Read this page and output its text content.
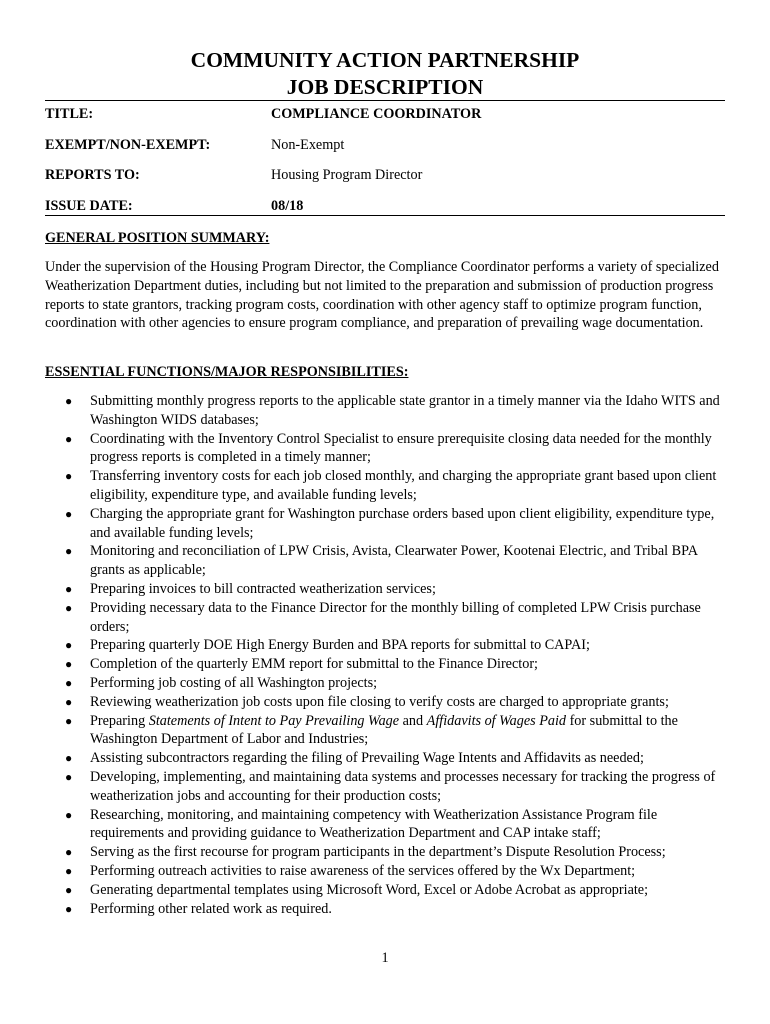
COMMUNITY ACTION PARTNERSHIP
JOB DESCRIPTION
TITLE:	COMPLIANCE COORDINATOR
EXEMPT/NON-EXEMPT:	Non-Exempt
REPORTS TO:	Housing Program Director
ISSUE DATE:	08/18
GENERAL POSITION SUMMARY:
Under the supervision of the Housing Program Director, the Compliance Coordinator performs a variety of specialized Weatherization Department duties, including but not limited to the preparation and submission of production progress reports to state grantors, tracking program costs, coordination with other agency staff to optimize program function, coordination with other agencies to ensure program compliance, and preparation of prevailing wage documentation.
ESSENTIAL FUNCTIONS/MAJOR RESPONSIBILITIES:
● Submitting monthly progress reports to the applicable state grantor in a timely manner via the Idaho WITS and Washington WIDS databases;
● Coordinating with the Inventory Control Specialist to ensure prerequisite closing data needed for the monthly progress reports is completed in a timely manner;
● Transferring inventory costs for each job closed monthly, and charging the appropriate grant based upon client eligibility, expenditure type, and available funding levels;
● Charging the appropriate grant for Washington purchase orders based upon client eligibility, expenditure type, and available funding levels;
● Monitoring and reconciliation of LPW Crisis, Avista, Clearwater Power, Kootenai Electric, and Tribal BPA grants as applicable;
● Preparing invoices to bill contracted weatherization services;
● Providing necessary data to the Finance Director for the monthly billing of completed LPW Crisis purchase orders;
● Preparing quarterly DOE High Energy Burden and BPA reports for submittal to CAPAI;
● Completion of the quarterly EMM report for submittal to the Finance Director;
● Performing job costing of all Washington projects;
● Reviewing weatherization job costs upon file closing to verify costs are charged to appropriate grants;
● Preparing Statements of Intent to Pay Prevailing Wage and Affidavits of Wages Paid for submittal to the Washington Department of Labor and Industries;
● Assisting subcontractors regarding the filing of Prevailing Wage Intents and Affidavits as needed;
● Developing, implementing, and maintaining data systems and processes necessary for tracking the progress of weatherization jobs and accounting for their production costs;
● Researching, monitoring, and maintaining competency with Weatherization Assistance Program file requirements and providing guidance to Weatherization Department and CAP intake staff;
● Serving as the first recourse for program participants in the department’s Dispute Resolution Process;
● Performing outreach activities to raise awareness of the services offered by the Wx Department;
● Generating departmental templates using Microsoft Word, Excel or Adobe Acrobat as appropriate;
● Performing other related work as required.
1
